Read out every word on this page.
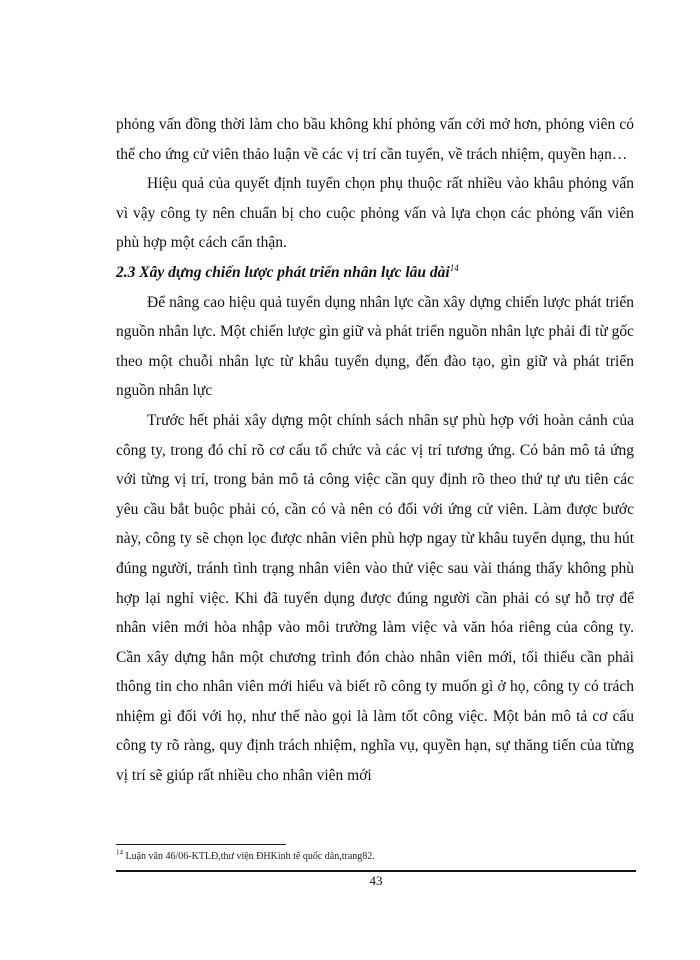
phỏng vấn đồng thời làm cho bầu không khí phỏng vấn cởi mở hơn, phỏng viên có thể cho ứng cử viên thảo luận về các vị trí cần tuyển, về trách nhiệm, quyền hạn…

Hiệu quả của quyết định tuyển chọn phụ thuộc rất nhiều vào khâu phỏng vấn vì vậy công ty nên chuẩn bị cho cuộc phỏng vấn và lựa chọn các phỏng vấn viên phù hợp một cách cẩn thận.

2.3 Xây dựng chiến lược phát triển nhân lực lâu dài$^{14}$

Để nâng cao hiệu quả tuyển dụng nhân lực cần xây dựng chiến lược phát triển nguồn nhân lực. Một chiến lược gìn giữ và phát triển nguồn nhân lực phải đi từ gốc theo một chuỗi nhân lực từ khâu tuyển dụng, đến đào tạo, gìn giữ và phát triển nguồn nhân lực

Trước hết phải xây dựng một chính sách nhân sự phù hợp với hoàn cảnh của công ty, trong đó chỉ rõ cơ cấu tổ chức và các vị trí tương ứng. Có bản mô tả ứng với từng vị trí, trong bản mô tả công việc cần quy định rõ theo thứ tự ưu tiên các yêu cầu bắt buộc phải có, cần có và nên có đối với ứng cử viên. Làm được bước này, công ty sẽ chọn lọc được nhân viên phù hợp ngay từ khâu tuyển dụng, thu hút đúng người, tránh tình trạng nhân viên vào thử việc sau vài tháng thấy không phù hợp lại nghỉ việc. Khi đã tuyển dụng được đúng người cần phải có sự hỗ trợ để nhân viên mới hòa nhập vào môi trường làm việc và văn hóa riêng của công ty. Cần xây dựng hẳn một chương trình đón chào nhân viên mới, tối thiểu cần phải thông tin cho nhân viên mới hiểu và biết rõ công ty muốn gì ở họ, công ty có trách nhiệm gì đối với họ, như thế nào gọi là làm tốt công việc. Một bản mô tả cơ cấu công ty rõ ràng, quy định trách nhiệm, nghĩa vụ, quyền hạn, sự thăng tiến của từng vị trí sẽ giúp rất nhiều cho nhân viên mới

$^{14}$ Luận văn 46/06-KTLĐ,thư viện ĐHKinh tế quốc dân,trang82.
43
